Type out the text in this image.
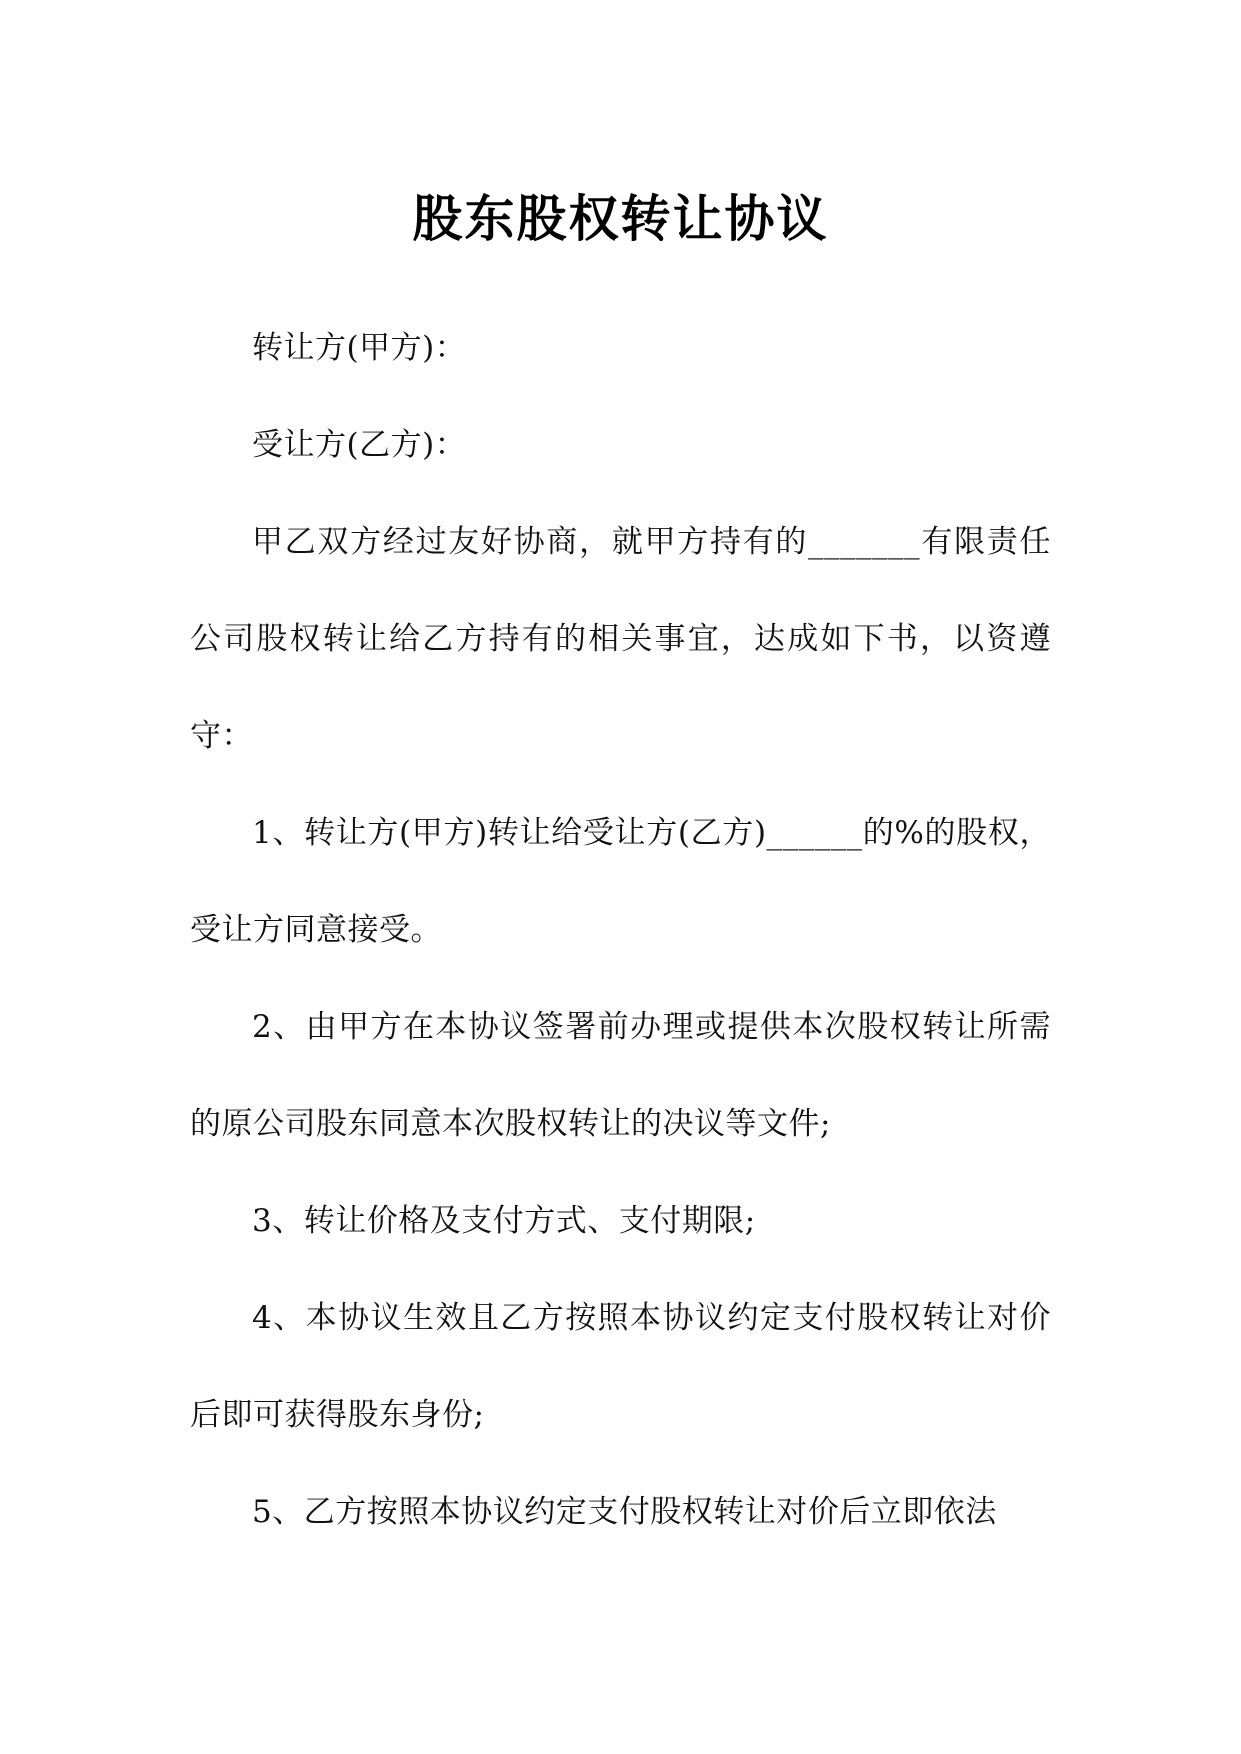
股东股权转让协议

转让方(甲方)：

受让方(乙方)：

甲乙双方经过友好协商，就甲方持有的_______有限责任公司股权转让给乙方持有的相关事宜，达成如下书，以资遵守：

1、转让方(甲方)转让给受让方(乙方)______的%的股权，受让方同意接受。

2、由甲方在本协议签署前办理或提供本次股权转让所需的原公司股东同意本次股权转让的决议等文件;

3、转让价格及支付方式、支付期限;

4、本协议生效且乙方按照本协议约定支付股权转让对价后即可获得股东身份;

5、乙方按照本协议约定支付股权转让对价后立即依法
